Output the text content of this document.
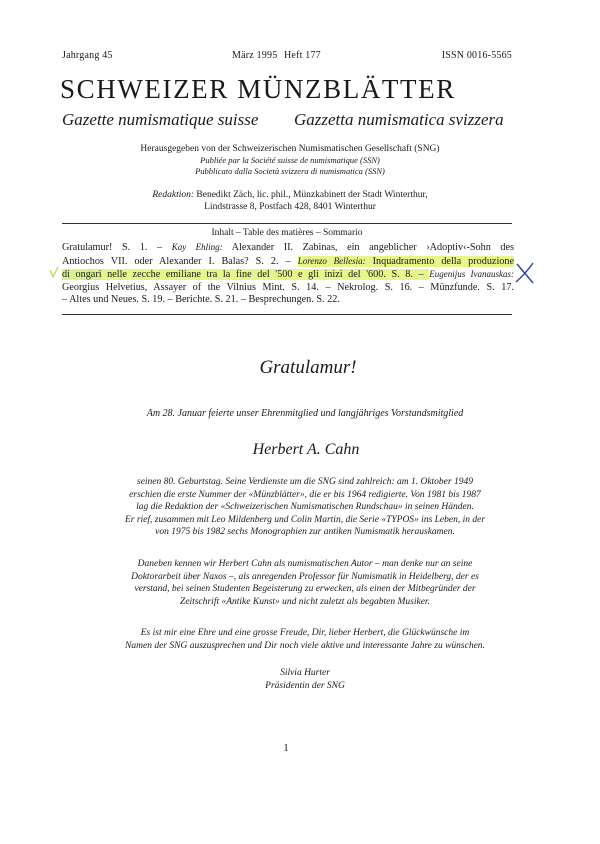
Jahrgang 45	März 1995 Heft 177	ISSN 0016-5565
SCHWEIZER MÜNZBLÄTTER
Gazette numismatique suisse Gazzetta numismatica svizzera
Herausgegeben von der Schweizerischen Numismatischen Gesellschaft (SNG)
Publiée par la Société suisse de numismatique (SSN)
Pubblicato dalla Società svizzera di numismatica (SSN)
Redaktion: Benedikt Zäch, lic. phil., Münzkabinett der Stadt Winterthur,
Lindstrasse 8, Postfach 428, 8401 Winterthur
Inhalt – Table des matières – Sommario
Gratulamur! S. 1. – Kay Ehling: Alexander II. Zabinas, ein angeblicher ›Adoptiv‹-Sohn des
Antiochos VII. oder Alexander I. Balas? S. 2. – Lorenzo Bellesia: Inquadramento della produzione
di ongari nelle zecche emiliane tra la fine del '500 e gli inizi del '600. S. 8. – Eugenijus Ivanauskas:
Georgius Helvetius, Assayer of the Vilnius Mint. S. 14. – Nekrolog. S. 16. – Münzfunde. S. 17.
– Altes und Neues. S. 19. – Berichte. S. 21. – Besprechungen. S. 22.
Gratulamur!
Am 28. Januar feierte unser Ehrenmitglied und langjähriges Vorstandsmitglied
Herbert A. Cahn
seinen 80. Geburtstag. Seine Verdienste um die SNG sind zahlreich: am 1. Oktober 1949
erschien die erste Nummer der «Münzblätter», die er bis 1964 redigierte. Von 1981 bis 1987
lag die Redaktion der «Schweizerischen Numismatischen Rundschau» in seinen Händen.
Er rief, zusammen mit Leo Mildenberg und Colin Martin, die Serie «TYPOS» ins Leben, in der
von 1975 bis 1982 sechs Monographien zur antiken Numismatik herauskamen.
Daneben kennen wir Herbert Cahn als numismatischen Autor – man denke nur an seine
Doktorarbeit über Naxos –, als anregenden Professor für Numismatik in Heidelberg, der es
verstand, bei seinen Studenten Begeisterung zu erwecken, als einen der Mitbegründer der
Zeitschrift «Antike Kunst» und nicht zuletzt als begabten Musiker.
Es ist mir eine Ehre und eine grosse Freude, Dir, lieber Herbert, die Glückwünsche im
Namen der SNG auszusprechen und Dir noch viele aktive und interessante Jahre zu wünschen.
Silvia Hurter
Präsidentin der SNG
1
